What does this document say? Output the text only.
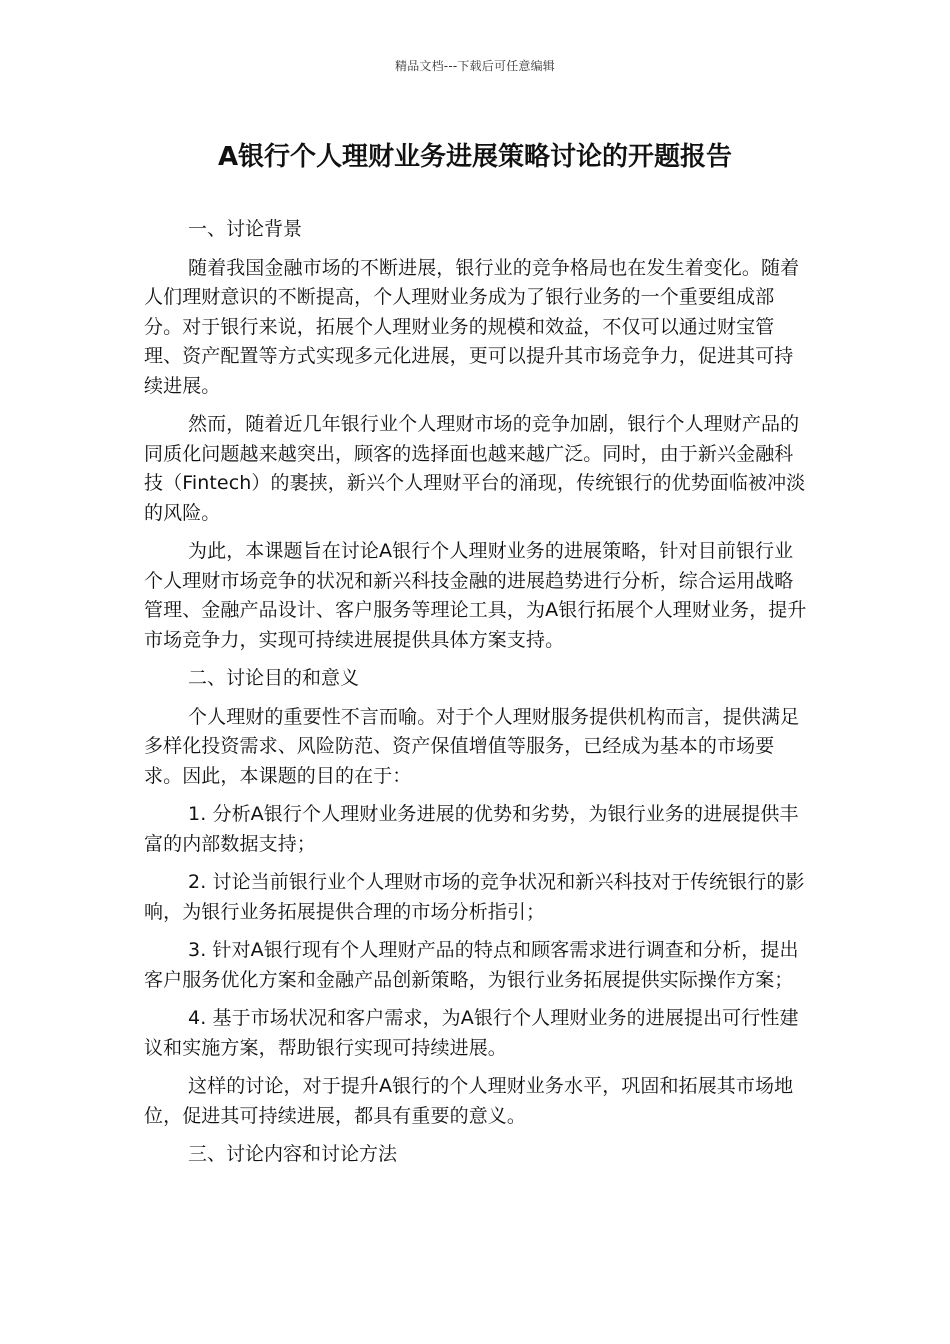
精品文档---下载后可任意编辑
A银行个人理财业务进展策略讨论的开题报告
一、讨论背景

随着我国金融市场的不断进展，银行业的竞争格局也在发生着变化。随着人们理财意识的不断提高，个人理财业务成为了银行业务的一个重要组成部分。对于银行来说，拓展个人理财业务的规模和效益，不仅可以通过财宝管理、资产配置等方式实现多元化进展，更可以提升其市场竞争力，促进其可持续进展。

然而，随着近几年银行业个人理财市场的竞争加剧，银行个人理财产品的同质化问题越来越突出，顾客的选择面也越来越广泛。同时，由于新兴金融科技（Fintech）的裹挟，新兴个人理财平台的涌现，传统银行的优势面临被冲淡的风险。

为此，本课题旨在讨论A银行个人理财业务的进展策略，针对目前银行业个人理财市场竞争的状况和新兴科技金融的进展趋势进行分析，综合运用战略管理、金融产品设计、客户服务等理论工具，为A银行拓展个人理财业务，提升市场竞争力，实现可持续进展提供具体方案支持。

二、讨论目的和意义

个人理财的重要性不言而喻。对于个人理财服务提供机构而言，提供满足多样化投资需求、风险防范、资产保值增值等服务，已经成为基本的市场要求。因此，本课题的目的在于：

1. 分析A银行个人理财业务进展的优势和劣势，为银行业务的进展提供丰富的内部数据支持；

2. 讨论当前银行业个人理财市场的竞争状况和新兴科技对于传统银行的影响，为银行业务拓展提供合理的市场分析指引；

3. 针对A银行现有个人理财产品的特点和顾客需求进行调查和分析，提出客户服务优化方案和金融产品创新策略，为银行业务拓展提供实际操作方案；

4. 基于市场状况和客户需求，为A银行个人理财业务的进展提出可行性建议和实施方案，帮助银行实现可持续进展。

这样的讨论，对于提升A银行的个人理财业务水平，巩固和拓展其市场地位，促进其可持续进展，都具有重要的意义。

三、讨论内容和讨论方法
